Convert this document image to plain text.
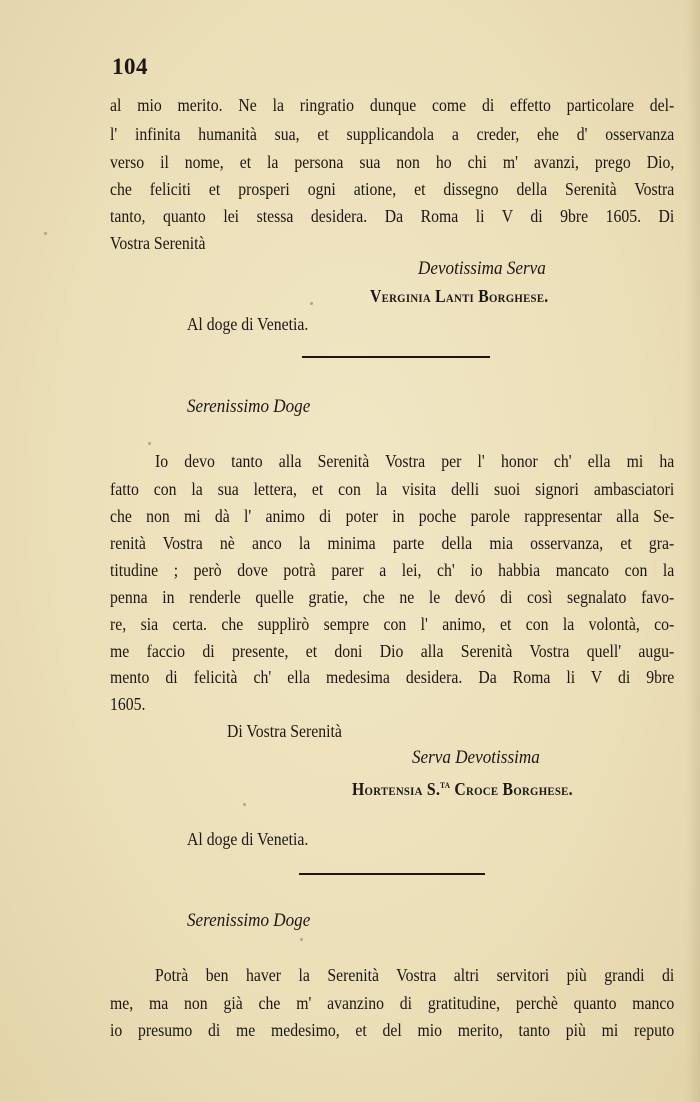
104
al mio merito. Ne la ringratio dunque come di effetto particolare del-
l' infinita humanità sua, et supplicandola a creder, ehe d' osservanza
verso il nome, et la persona sua non ho chi m' avanzi, prego Dio,
che feliciti et prosperi ogni atione, et dissegno della Serenità Vostra
tanto, quanto lei stessa desidera. Da Roma li V di 9bre 1605. Di
Vostra Serenità
Devotissima Serva
Verginia Lanti Borghese.
Al doge di Venetia.
Serenissimo Doge
Io devo tanto alla Serenità Vostra per l' honor ch' ella mi ha
fatto con la sua lettera, et con la visita delli suoi signori ambasciatori
che non mi dà l' animo di poter in poche parole rappresentar alla Se-
renità Vostra nè anco la minima parte della mia osservanza, et gra-
titudine ; però dove potrà parer a lei, ch' io habbia mancato con la
penna in renderle quelle gratie, che ne le devó di così segnalato favo-
re, sia certa. che supplirò sempre con l' animo, et con la volontà, co-
me faccio di presente, et doni Dio alla Serenità Vostra quell' augu-
mento di felicità ch' ella medesima desidera. Da Roma li V di 9bre
1605.
Di Vostra Serenità
Serva Devotissima
Hortensia S.$^{ta}$ Croce Borghese.
Al doge di Venetia.
Serenissimo Doge
Potrà ben haver la Serenità Vostra altri servitori più grandi di
me, ma non già che m' avanzino di gratitudine, perchè quanto manco
io presumo di me medesimo, et del mio merito, tanto più mi reputo
